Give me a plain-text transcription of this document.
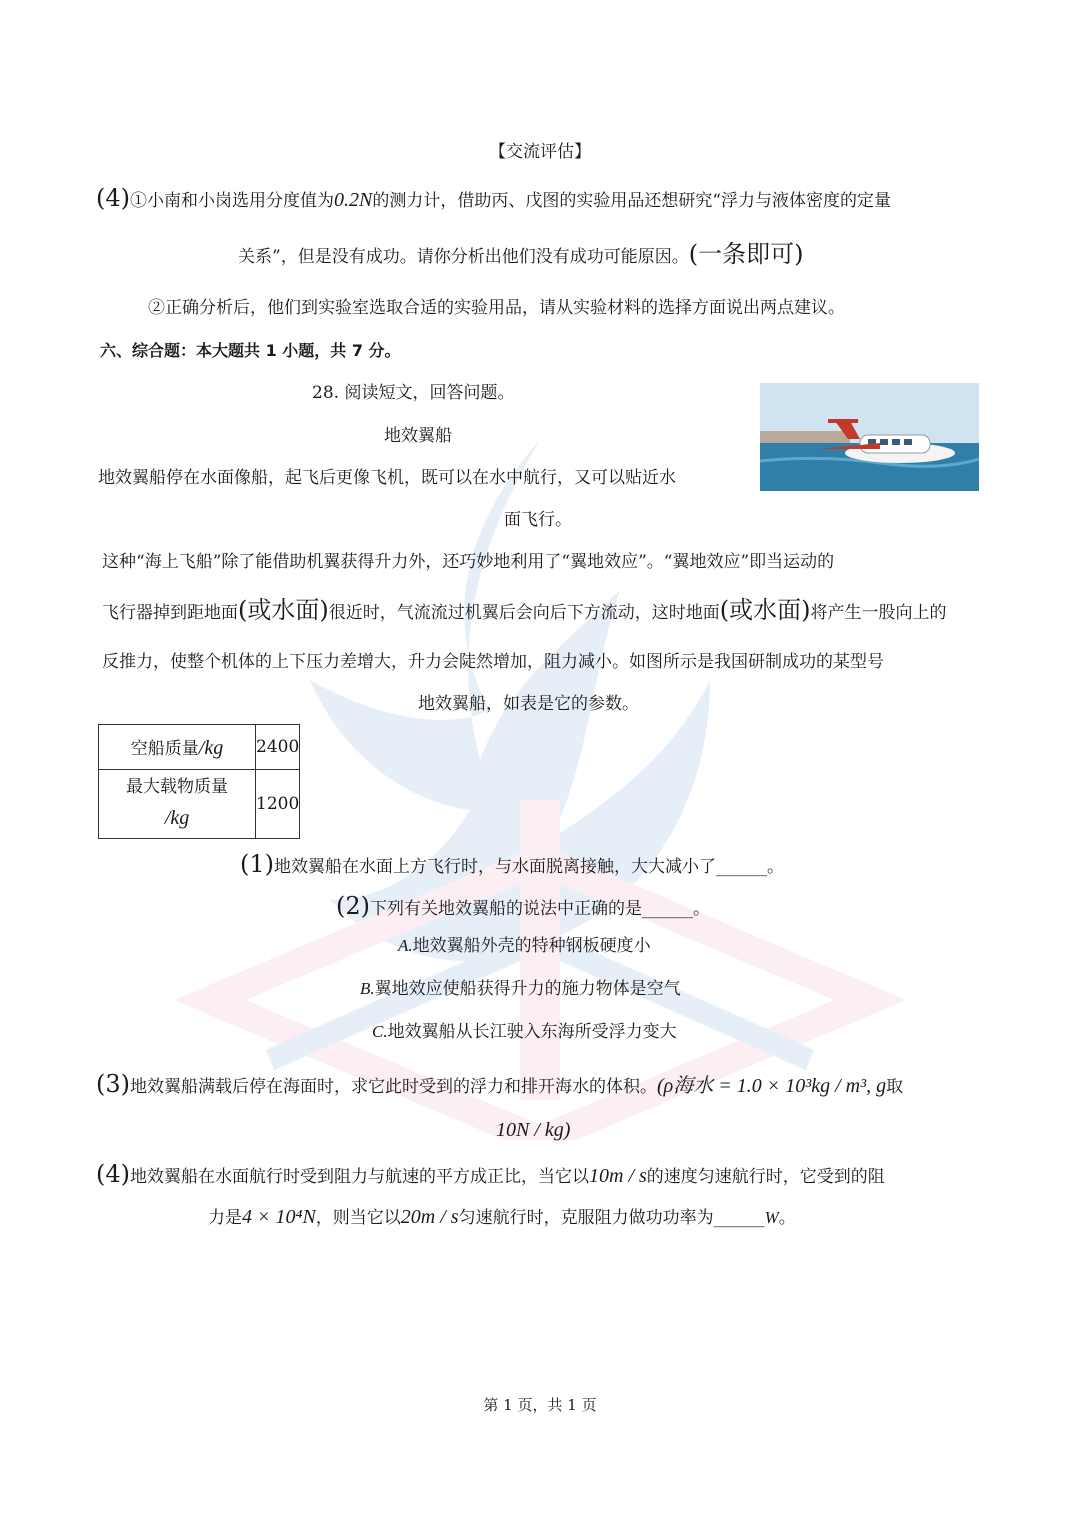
【交流评估】
(4)①小南和小岗选用分度值为0.2N的测力计，借助丙、戊图的实验用品还想研究“浮力与液体密度的定量
关系”，但是没有成功。请你分析出他们没有成功可能原因。(一条即可)
②正确分析后，他们到实验室选取合适的实验用品，请从实验材料的选择方面说出两点建议。
六、综合题：本大题共 1 小题，共 7 分。
28. 阅读短文，回答问题。
地效翼船
地效翼船停在水面像船，起飞后更像飞机，既可以在水中航行，又可以贴近水
面飞行。
这种“海上飞船”除了能借助机翼获得升力外，还巧妙地利用了“翼地效应”。“翼地效应”即当运动的
飞行器掉到距地面(或水面)很近时，气流流过机翼后会向后下方流动，这时地面(或水面)将产生一股向上的
反推力，使整个机体的上下压力差增大，升力会陡然增加，阻力减小。如图所示是我国研制成功的某型号
地效翼船，如表是它的参数。
空船质量/kg	2400
最大载物质量
/kg	1200
(1)地效翼船在水面上方飞行时，与水面脱离接触，大大减小了______。
(2)下列有关地效翼船的说法中正确的是______。
A.地效翼船外壳的特种钢板硬度小
B.翼地效应使船获得升力的施力物体是空气
C.地效翼船从长江驶入东海所受浮力变大
(3)地效翼船满载后停在海面时，求它此时受到的浮力和排开海水的体积。(ρ海水 = 1.0 × 10³kg / m³, g取
10N / kg)
(4)地效翼船在水面航行时受到阻力与航速的平方成正比，当它以10m / s的速度匀速航行时，它受到的阻
力是4 × 10⁴N，则当它以20m / s匀速航行时，克服阻力做功功率为______W。
第 1 页，共 1 页
